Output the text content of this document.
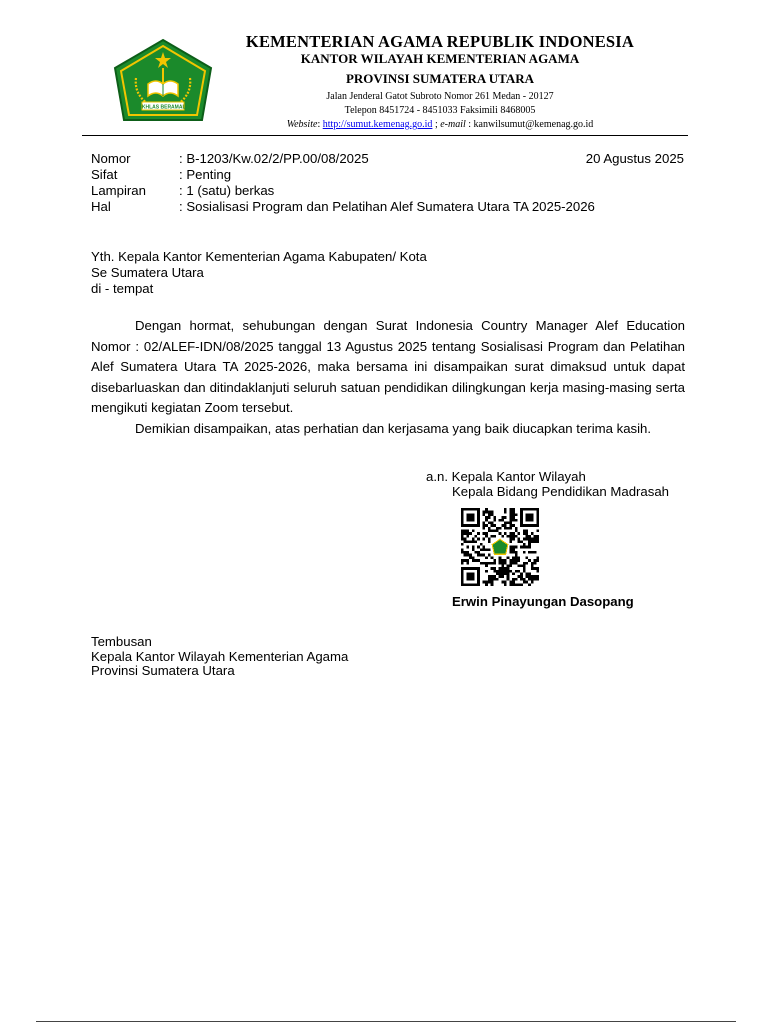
IKHLAS BERAMAL
KEMENTERIAN AGAMA REPUBLIK INDONESIA
KANTOR WILAYAH KEMENTERIAN AGAMA
PROVINSI SUMATERA UTARA
Jalan Jenderal Gatot Subroto Nomor 261 Medan - 20127
Telepon 8451724 - 8451033 Faksimili 8468005
Website: http://sumut.kemenag.go.id ; e-mail : kanwilsumut@kemenag.go.id
Nomor	: B-1203/Kw.02/2/PP.00/08/2025
Sifat	: Penting
Lampiran	: 1 (satu) berkas
Hal	: Sosialisasi Program dan Pelatihan Alef Sumatera Utara TA 2025-2026
20 Agustus 2025
Yth. Kepala Kantor Kementerian Agama Kabupaten/ Kota
Se Sumatera Utara
di - tempat

Dengan hormat, sehubungan dengan Surat Indonesia Country Manager Alef Education Nomor : 02/ALEF-IDN/08/2025 tanggal 13 Agustus 2025 tentang Sosialisasi Program dan Pelatihan Alef Sumatera Utara TA 2025-2026, maka bersama ini disampaikan surat dimaksud untuk dapat disebarluaskan dan ditindaklanjuti seluruh satuan pendidikan dilingkungan kerja masing-masing serta mengikuti kegiatan Zoom tersebut.

Demikian disampaikan, atas perhatian dan kerjasama yang baik diucapkan terima kasih.

a.n. Kepala Kantor Wilayah
Kepala Bidang Pendidikan Madrasah
Erwin Pinayungan Dasopang
Tembusan
Kepala Kantor Wilayah Kementerian Agama
Provinsi Sumatera Utara
